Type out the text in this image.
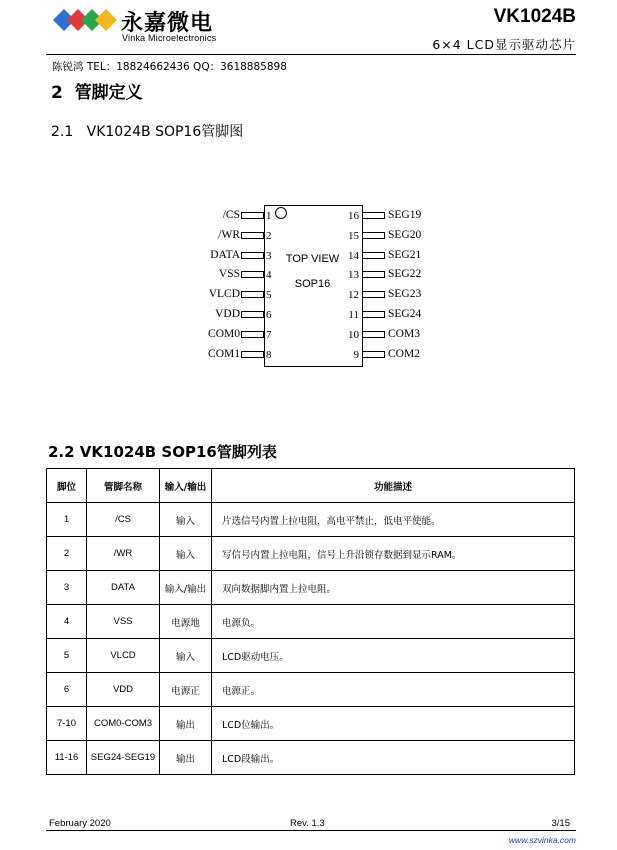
永嘉微电
Vinka Microelectronics
VK1024B
6×4 LCD显示驱动芯片
陈锐鸿 TEL：18824662436 QQ：3618885898
2 管脚定义
2.1 VK1024B SOP16管脚图
TOP VIEW
SOP16
/CS 1
/WR 2
DATA 3
VSS 4
VLCD 5
VDD 6
COM0 7
COM1 8
16	SEG19
15	SEG20
14	SEG21
13	SEG22
12	SEG23
11	SEG24
10	COM3
9	COM2
2.2 VK1024B SOP16管脚列表
脚位	管脚名称	输入/输出	功能描述
1	/CS	输入	片选信号内置上拉电阻，高电平禁止，低电平使能。
2	/WR	输入	写信号内置上拉电阻，信号上升沿锁存数据到显示RAM。
3	DATA	输入/输出	双向数据脚内置上拉电阻。
4	VSS	电源地	电源负。
5	VLCD	输入	LCD驱动电压。
6	VDD	电源正	电源正。
7-10	COM0-COM3	输出	LCD位输出。
11-16	SEG24-SEG19	输出	LCD段输出。
February 2020	Rev. 1.3	3/15
www.szvinka.com
